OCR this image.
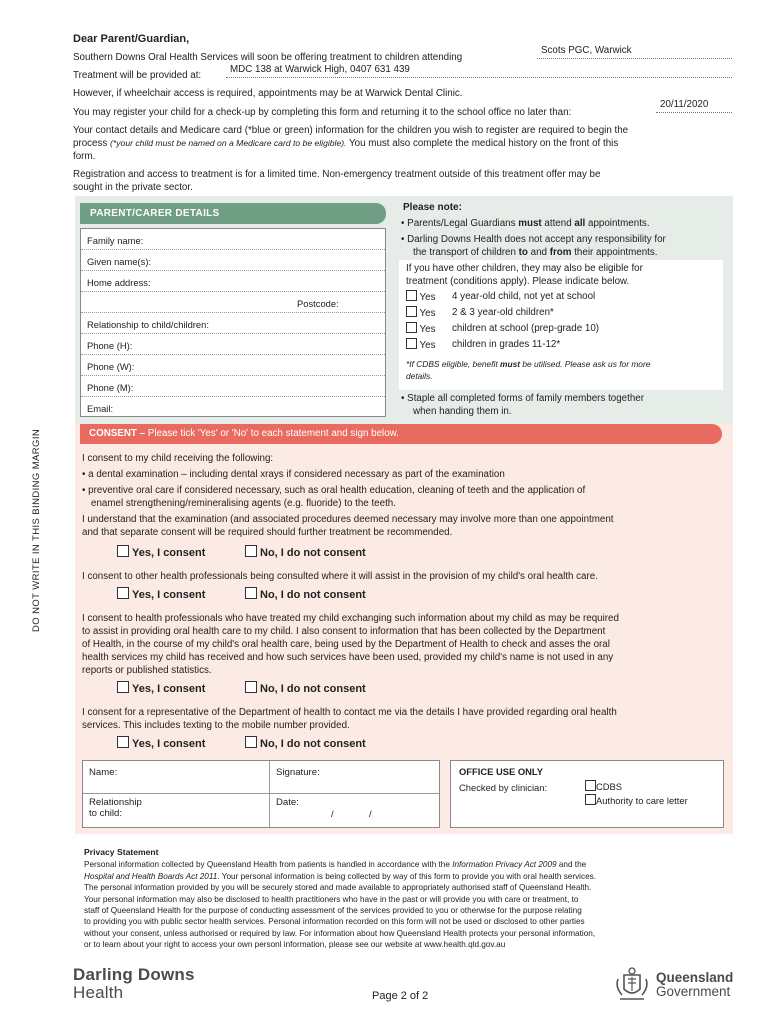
DO NOT WRITE IN THIS BINDING MARGIN
Dear Parent/Guardian,
Southern Downs Oral Health Services will soon be offering treatment to children attending
Scots PGC, Warwick
Treatment will be provided at:
MDC 138 at Warwick High, 0407 631 439
However, if wheelchair access is required, appointments may be at Warwick Dental Clinic.
You may register your child for a check-up by completing this form and returning it to the school office no later than:
20/11/2020
Your contact details and Medicare card (*blue or green) information for the children you wish to register are required to begin the
process (*your child must be named on a Medicare card to be eligible). You must also complete the medical history on the front of this
form.
Registration and access to treatment is for a limited time. Non-emergency treatment outside of this treatment offer may be
sought in the private sector.
PARENT/CARER DETAILS
Family name:
Given name(s):
Home address:
Postcode:
Relationship to child/children:
Phone (H):
Phone (W):
Phone (M):
Email:
Please note:
• Parents/Legal Guardians must attend all appointments.
• Darling Downs Health does not accept any responsibility for
the transport of children to and from their appointments.
If you have other children, they may also be eligible for
treatment (conditions apply). Please indicate below.
Yes 4 year-old child, not yet at school
Yes 2 & 3 year-old children*
Yes children at school (prep-grade 10)
Yes children in grades 11-12*
*If CDBS eligible, benefit must be utilised. Please ask us for more
details.
• Staple all completed forms of family members together
when handing them in.
CONSENT – Please tick 'Yes' or 'No' to each statement and sign below.
I consent to my child receiving the following:
• a dental examination – including dental xrays if considered necessary as part of the examination
• preventive oral care if considered necessary, such as oral health education, cleaning of teeth and the application of
enamel strengthening/remineralising agents (e.g. fluoride) to the teeth.
I understand that the examination (and associated procedures deemed necessary may involve more than one appointment
and that separate consent will be required should further treatment be recommended.
Yes, I consent	No, I do not consent
I consent to other health professionals being consulted where it will assist in the provision of my child's oral health care.
Yes, I consent	No, I do not consent
I consent to health professionals who have treated my child exchanging such information about my child as may be required
to assist in providing oral health care to my child. I also consent to information that has been collected by the Department
of Health, in the course of my child's oral health care, being used by the Department of Health to check and asses the oral
health services my child has received and how such services have been used, provided my child's name is not used in any
reports or published statistics.
Yes, I consent	No, I do not consent
I consent for a representative of the Department of health to contact me via the details I have provided regarding oral health
services. This includes texting to the mobile number provided.
Yes, I consent	No, I do not consent
Name:	Signature:
Relationship
to child:
Date:
/	/
OFFICE USE ONLY
Checked by clinician:	CDBS
Authority to care letter
Privacy Statement
Personal information collected by Queensland Health from patients is handled in accordance with the Information Privacy Act 2009 and the
Hospital and Health Boards Act 2011. Your personal information is being collected by way of this form to provide you with oral health services.
The personal information provided by you will be securely stored and made available to appropriately authorised staff of Queensland Health.
Your personal information may also be disclosed to health practitioners who have in the past or will provide you with care or treatment, to
staff of Queensland Health for the purpose of conducting assessment of the services provided to you or otherwise for the purpose relating
to providing you with public sector health services. Personal information recorded on this form will not be used or disclosed to other parties
without your consent, unless authorised or required by law. For information about how Queensland Health protects your personal information,
or to learn about your right to access your own personl information, please see our website at www.health.qld.gov.au
Darling Downs
Health	Page 2 of 2
Queensland
Government
